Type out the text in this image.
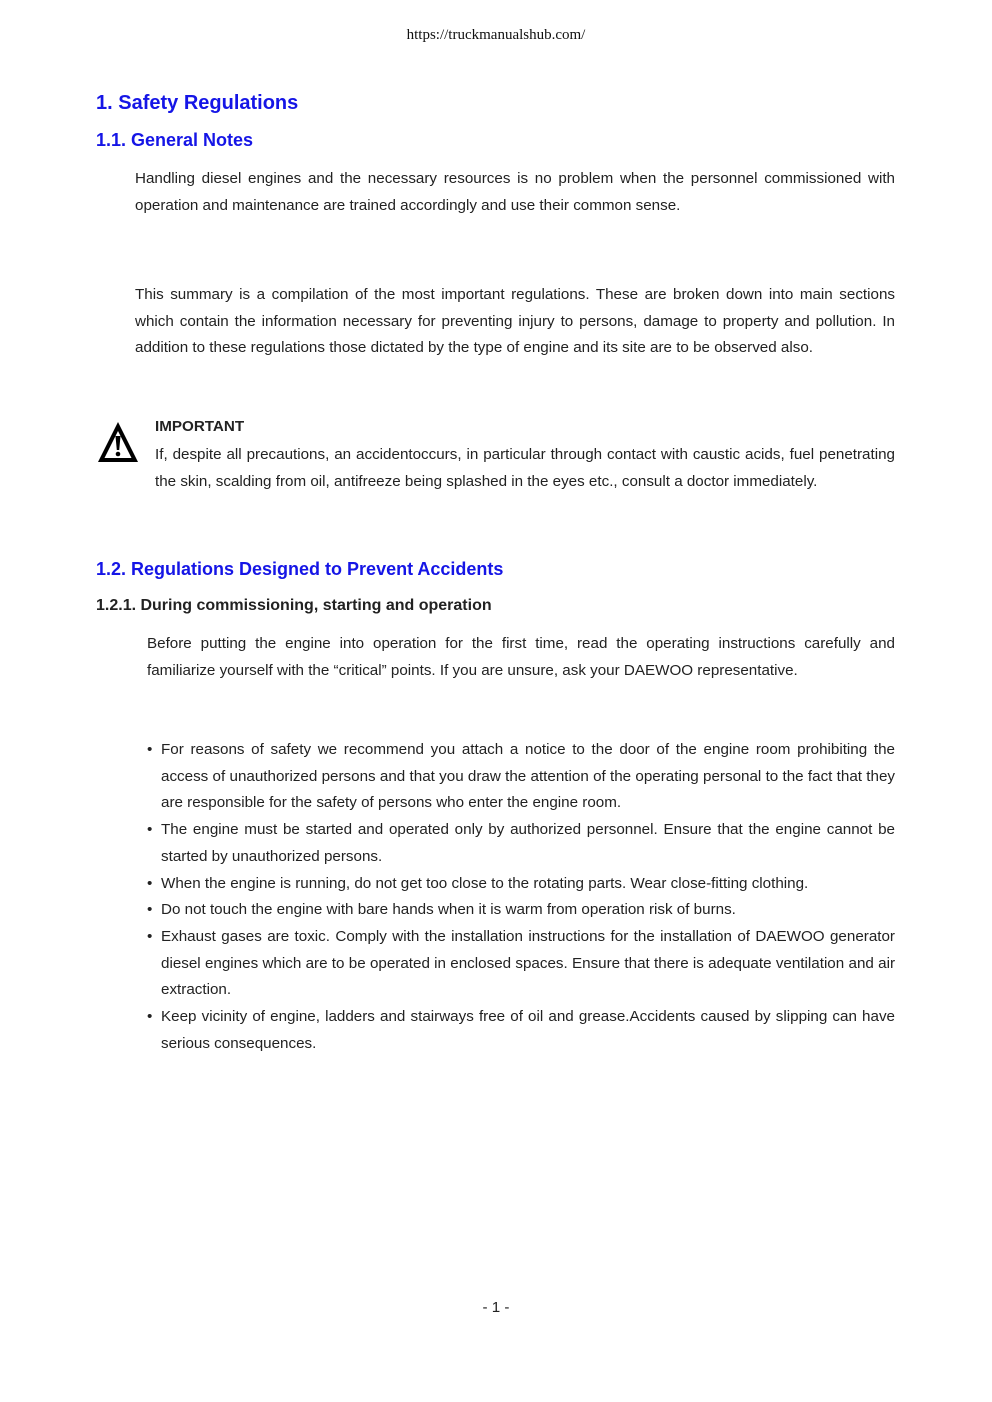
https://truckmanualshub.com/
1. Safety Regulations
1.1. General Notes

Handling diesel engines and the necessary resources is no problem when the personnel commissioned with operation and maintenance are trained accordingly and use their common sense.

This summary is a compilation of the most important regulations. These are broken down into main sections which contain the information necessary for preventing injury to persons, damage to property and pollution. In addition to these regulations those dictated by the type of engine and its site are to be observed also.

IMPORTANT

If, despite all precautions, an accidentoccurs, in particular through contact with caustic acids, fuel penetrating the skin, scalding from oil, antifreeze being splashed in the eyes etc., consult a doctor immediately.

1.2. Regulations Designed to Prevent Accidents
1.2.1. During commissioning, starting and operation

Before putting the engine into operation for the first time, read the operating instructions carefully and familiarize yourself with the “critical” points. If you are unsure, ask your DAEWOO representative.

• For reasons of safety we recommend you attach a notice to the door of the engine room prohibiting the access of unauthorized persons and that you draw the attention of the operating personal to the fact that they are responsible for the safety of persons who enter the engine room.
• The engine must be started and operated only by authorized personnel. Ensure that the engine cannot be started by unauthorized persons.
• When the engine is running, do not get too close to the rotating parts. Wear close-fitting clothing.
• Do not touch the engine with bare hands when it is warm from operation risk of burns.
• Exhaust gases are toxic. Comply with the installation instructions for the installation of DAEWOO generator diesel engines which are to be operated in enclosed spaces. Ensure that there is adequate ventilation and air extraction.
• Keep vicinity of engine, ladders and stairways free of oil and grease.Accidents caused by slipping can have serious consequences.
- 1 -
